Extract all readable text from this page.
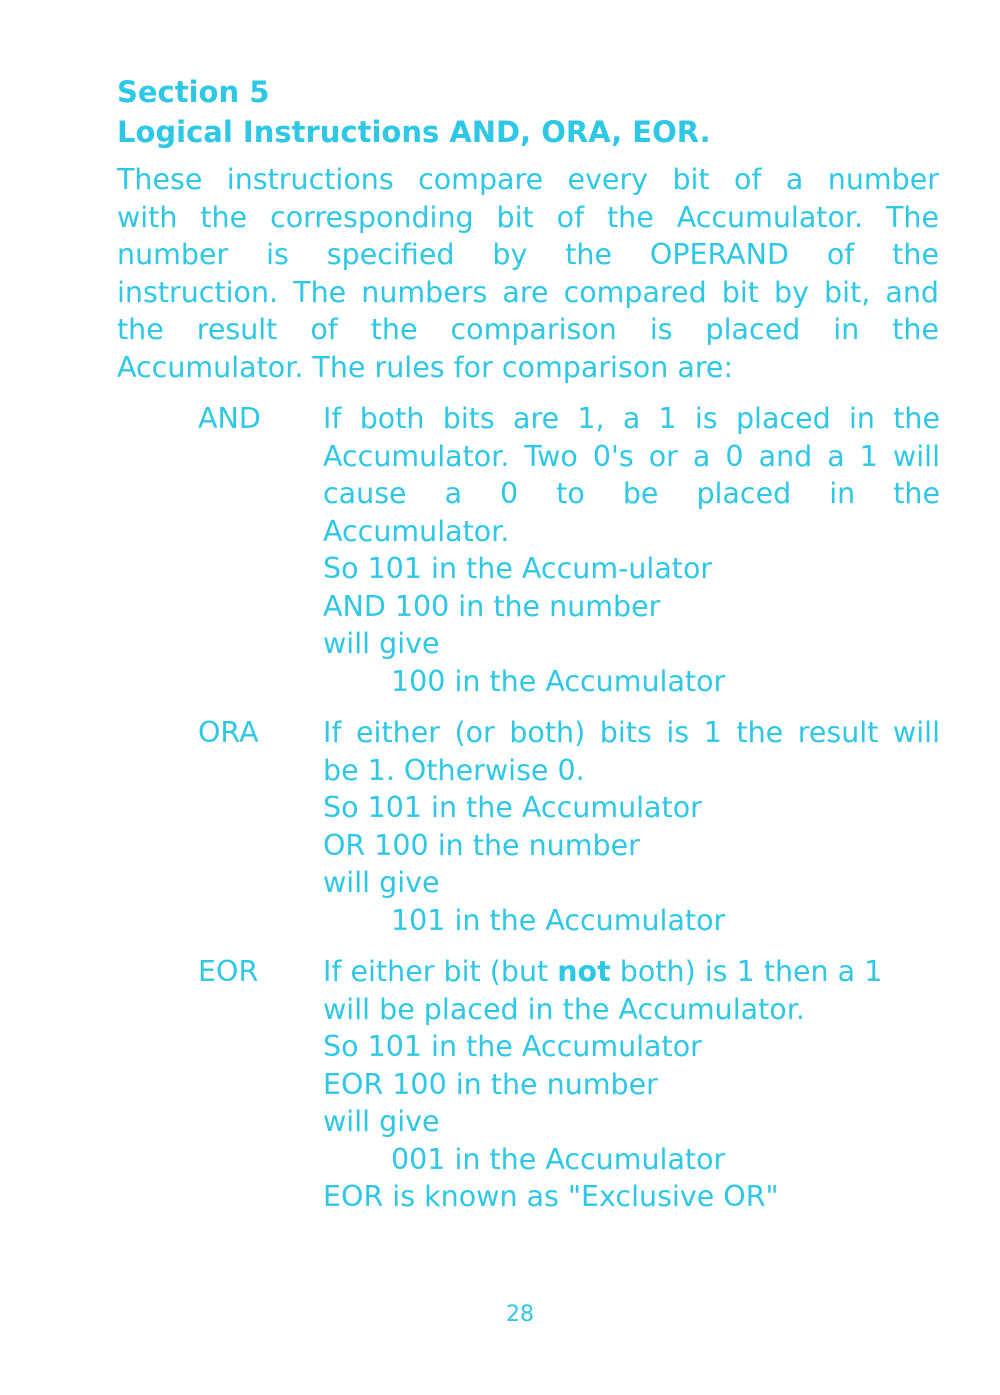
Section 5
Logical Instructions AND, ORA, EOR.
These instructions compare every bit of a number
with the corresponding bit of the Accumulator. The
number is specified by the OPERAND of the
instruction. The numbers are compared bit by bit, and
the result of the comparison is placed in the
Accumulator. The rules for comparison are:
AND If both bits are 1, a 1 is placed in the
Accumulator. Two 0's or a 0 and a 1 will
cause a 0 to be placed in the
Accumulator.
So 101 in the Accum-ulator
AND 100 in the number
will give
100 in the Accumulator
ORA If either (or both) bits is 1 the result will
be 1. Otherwise 0.
So 101 in the Accumulator
OR 100 in the number
will give
101 in the Accumulator
EOR If either bit (but not both) is 1 then a 1
will be placed in the Accumulator.
So 101 in the Accumulator
EOR 100 in the number
will give
001 in the Accumulator
EOR is known as "Exclusive OR"
28
